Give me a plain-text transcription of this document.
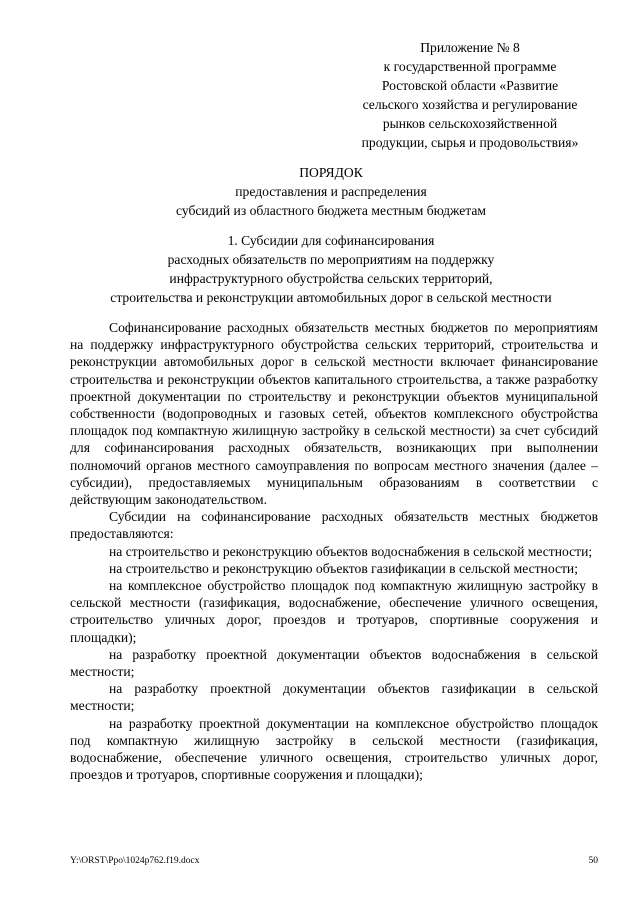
Приложение № 8
к государственной программе
Ростовской области «Развитие
сельского хозяйства и регулирование
рынков сельскохозяйственной
продукции, сырья и продовольствия»
ПОРЯДОК
предоставления и распределения
субсидий из областного бюджета местным бюджетам
1. Субсидии для софинансирования
расходных обязательств по мероприятиям на поддержку
инфраструктурного обустройства сельских территорий,
строительства и реконструкции автомобильных дорог в сельской местности

Софинансирование расходных обязательств местных бюджетов по мероприятиям на поддержку инфраструктурного обустройства сельских территорий, строительства и реконструкции автомобильных дорог в сельской местности включает финансирование строительства и реконструкции объектов капитального строительства, а также разработку проектной документации по строительству и реконструкции объектов муниципальной собственности (водопроводных и газовых сетей, объектов комплексного обустройства площадок под компактную жилищную застройку в сельской местности) за счет субсидий для софинансирования расходных обязательств, возникающих при выполнении полномочий органов местного самоуправления по вопросам местного значения (далее – субсидии), предоставляемых муниципальным образованиям в соответствии с действующим законодательством.

Субсидии на софинансирование расходных обязательств местных бюджетов предоставляются:

на строительство и реконструкцию объектов водоснабжения в сельской местности;

на строительство и реконструкцию объектов газификации в сельской местности;

на комплексное обустройство площадок под компактную жилищную застройку в сельской местности (газификация, водоснабжение, обеспечение уличного освещения, строительство уличных дорог, проездов и тротуаров, спортивные сооружения и площадки);

на разработку проектной документации объектов водоснабжения в сельской местности;

на разработку проектной документации объектов газификации в сельской местности;

на разработку проектной документации на комплексное обустройство площадок под компактную жилищную застройку в сельской местности (газификация, водоснабжение, обеспечение уличного освещения, строительство уличных дорог, проездов и тротуаров, спортивные сооружения и площадки);

Y:\ORST\Ppo\1024p762.f19.docx	50
